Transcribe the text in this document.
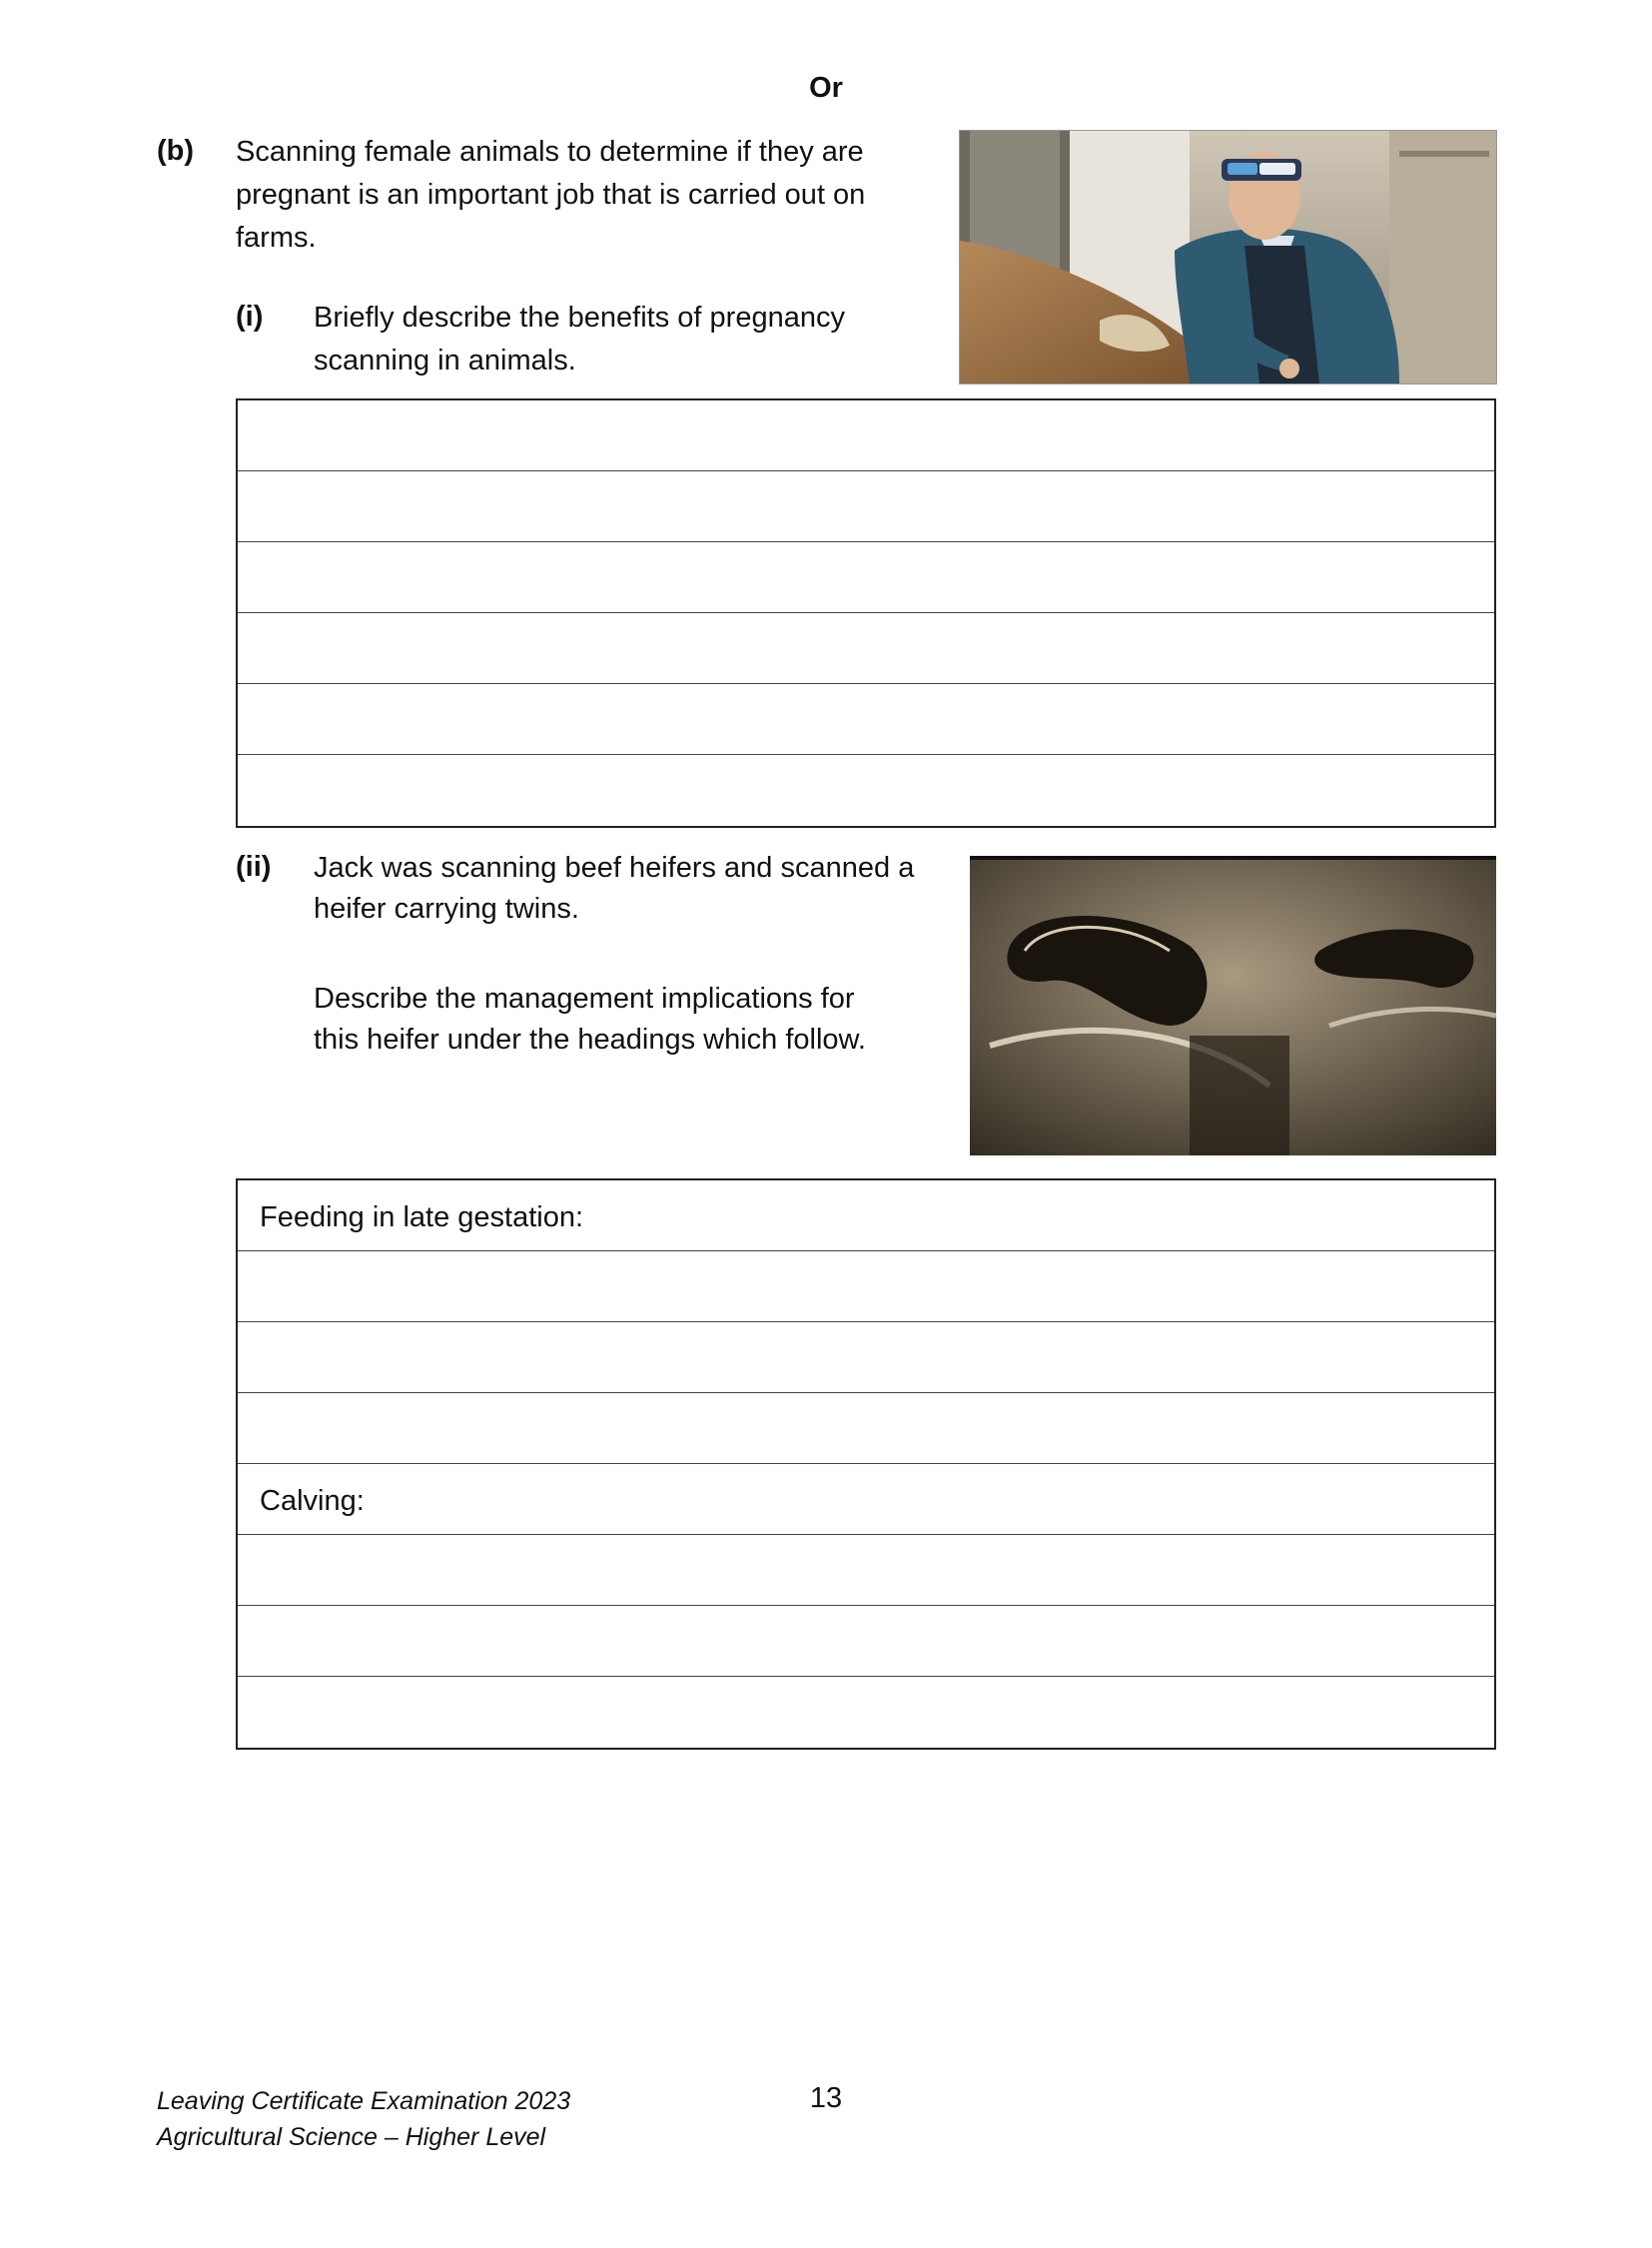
Or
(b) Scanning female animals to determine if they are
pregnant is an important job that is carried out on
farms.
(i) Briefly describe the benefits of pregnancy
scanning in animals.
(ii) Jack was scanning beef heifers and scanned a
heifer carrying twins.
Describe the management implications for
this heifer under the headings which follow.
Feeding in late gestation:
Calving:
Leaving Certificate Examination 2023
Agricultural Science – Higher Level
13
